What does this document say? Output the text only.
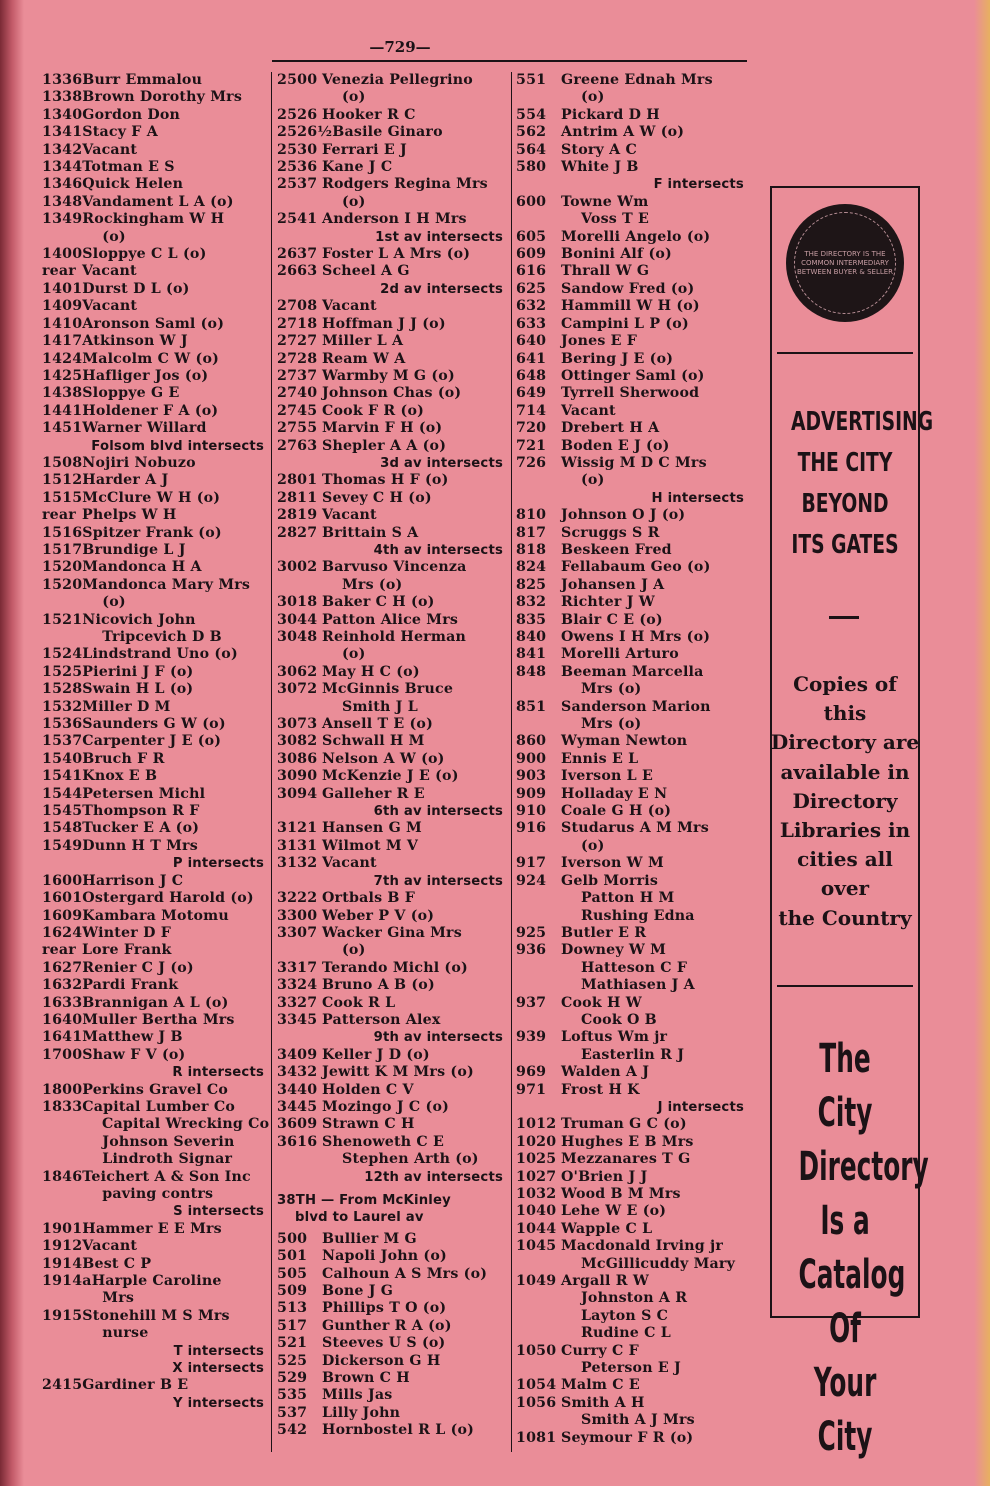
—729—
1336 Burr Emmalou
1338 Brown Dorothy Mrs
1340 Gordon Don
1341 Stacy F A
1342 Vacant
1344 Totman E S
1346 Quick Helen
1348 Vandament L A (o)
1349 Rockingham W H
(o)
1400 Sloppye C L (o)
rear Vacant
1401 Durst D L (o)
1409 Vacant
1410 Aronson Saml (o)
1417 Atkinson W J
1424 Malcolm C W (o)
1425 Hafliger Jos (o)
1438 Sloppye G E
1441 Holdener F A (o)
1451 Warner Willard
Folsom blvd intersects
1508 Nojiri Nobuzo
1512 Harder A J
1515 McClure W H (o)
rear Phelps W H
1516 Spitzer Frank (o)
1517 Brundige L J
1520 Mandonca H A
1520 Mandonca Mary Mrs
(o)
1521 Nicovich John
Tripcevich D B
1524 Lindstrand Uno (o)
1525 Pierini J F (o)
1528 Swain H L (o)
1532 Miller D M
1536 Saunders G W (o)
1537 Carpenter J E (o)
1540 Bruch F R
1541 Knox E B
1544 Petersen Michl
1545 Thompson R F
1548 Tucker E A (o)
1549 Dunn H T Mrs
P intersects
1600 Harrison J C
1601 Ostergard Harold (o)
1609 Kambara Motomu
1624 Winter D F
rear Lore Frank
1627 Renier C J (o)
1632 Pardi Frank
1633 Brannigan A L (o)
1640 Muller Bertha Mrs
1641 Matthew J B
1700 Shaw F V (o)
R intersects
1800 Perkins Gravel Co
1833 Capital Lumber Co
Capital Wrecking Co
Johnson Severin
Lindroth Signar
1846 Teichert A & Son Inc
paving contrs
S intersects
1901 Hammer E E Mrs
1912 Vacant
1914 Best C P
1914a Harple Caroline
Mrs
1915 Stonehill M S Mrs
nurse
T intersects
X intersects
2415 Gardiner B E
Y intersects
2500 Venezia Pellegrino
(o)
2526 Hooker R C
2526½ Basile Ginaro
2530 Ferrari E J
2536 Kane J C
2537 Rodgers Regina Mrs
(o)
2541 Anderson I H Mrs
1st av intersects
2637 Foster L A Mrs (o)
2663 Scheel A G
2d av intersects
2708 Vacant
2718 Hoffman J J (o)
2727 Miller L A
2728 Ream W A
2737 Warmby M G (o)
2740 Johnson Chas (o)
2745 Cook F R (o)
2755 Marvin F H (o)
2763 Shepler A A (o)
3d av intersects
2801 Thomas H F (o)
2811 Sevey C H (o)
2819 Vacant
2827 Brittain S A
4th av intersects
3002 Barvuso Vincenza
Mrs (o)
3018 Baker C H (o)
3044 Patton Alice Mrs
3048 Reinhold Herman
(o)
3062 May H C (o)
3072 McGinnis Bruce
Smith J L
3073 Ansell T E (o)
3082 Schwall H M
3086 Nelson A W (o)
3090 McKenzie J E (o)
3094 Galleher R E
6th av intersects
3121 Hansen G M
3131 Wilmot M V
3132 Vacant
7th av intersects
3222 Ortbals B F
3300 Weber P V (o)
3307 Wacker Gina Mrs
(o)
3317 Terando Michl (o)
3324 Bruno A B (o)
3327 Cook R L
3345 Patterson Alex
9th av intersects
3409 Keller J D (o)
3432 Jewitt K M Mrs (o)
3440 Holden C V
3445 Mozingo J C (o)
3609 Strawn C H
3616 Shenoweth C E
Stephen Arth (o)
12th av intersects
38TH — From McKinley
blvd to Laurel av
500	Bullier M G
501	Napoli John (o)
505	Calhoun A S Mrs (o)
509	Bone J G
513	Phillips T O (o)
517	Gunther R A (o)
521	Steeves U S (o)
525	Dickerson G H
529	Brown C H
535	Mills Jas
537	Lilly John
542	Hornbostel R L (o)
551	Greene Ednah Mrs
(o)
554	Pickard D H
562	Antrim A W (o)
564	Story A C
580	White J B
F intersects
600	Towne Wm
Voss T E
605	Morelli Angelo (o)
609	Bonini Alf (o)
616	Thrall W G
625	Sandow Fred (o)
632	Hammill W H (o)
633	Campini L P (o)
640	Jones E F
641	Bering J E (o)
648	Ottinger Saml (o)
649	Tyrrell Sherwood
714	Vacant
720	Drebert H A
721	Boden E J (o)
726	Wissig M D C Mrs
(o)
H intersects
810	Johnson O J (o)
817	Scruggs S R
818	Beskeen Fred
824	Fellabaum Geo (o)
825	Johansen J A
832	Richter J W
835	Blair C E (o)
840	Owens I H Mrs (o)
841	Morelli Arturo
848	Beeman Marcella
Mrs (o)
851	Sanderson Marion
Mrs (o)
860	Wyman Newton
900	Ennis E L
903	Iverson L E
909	Holladay E N
910	Coale G H (o)
916	Studarus A M Mrs
(o)
917	Iverson W M
924	Gelb Morris
Patton H M
Rushing Edna
925	Butler E R
936	Downey W M
Hatteson C F
Mathiasen J A
937	Cook H W
Cook O B
939	Loftus Wm jr
Easterlin R J
969	Walden A J
971	Frost H K
J intersects
1012 Truman G C (o)
1020 Hughes E B Mrs
1025 Mezzanares T G
1027 O'Brien J J
1032 Wood B M Mrs
1040 Lehe W E (o)
1044 Wapple C L
1045 Macdonald Irving jr
McGillicuddy Mary
1049 Argall R W
Johnston A R
Layton S C
Rudine C L
1050 Curry C F
Peterson E J
1054 Malm C E
1056 Smith A H
Smith A J Mrs
1081 Seymour F R (o)
THE DIRECTORY IS THE COMMON INTERMEDIARY BETWEEN BUYER & SELLER
ADVERTISING
THE CITY
BEYOND
ITS GATES
Copies of
this
Directory are
available in
Directory
Libraries in
cities all
over
the Country
The City
Directory
Is a
Catalog Of
Your City
